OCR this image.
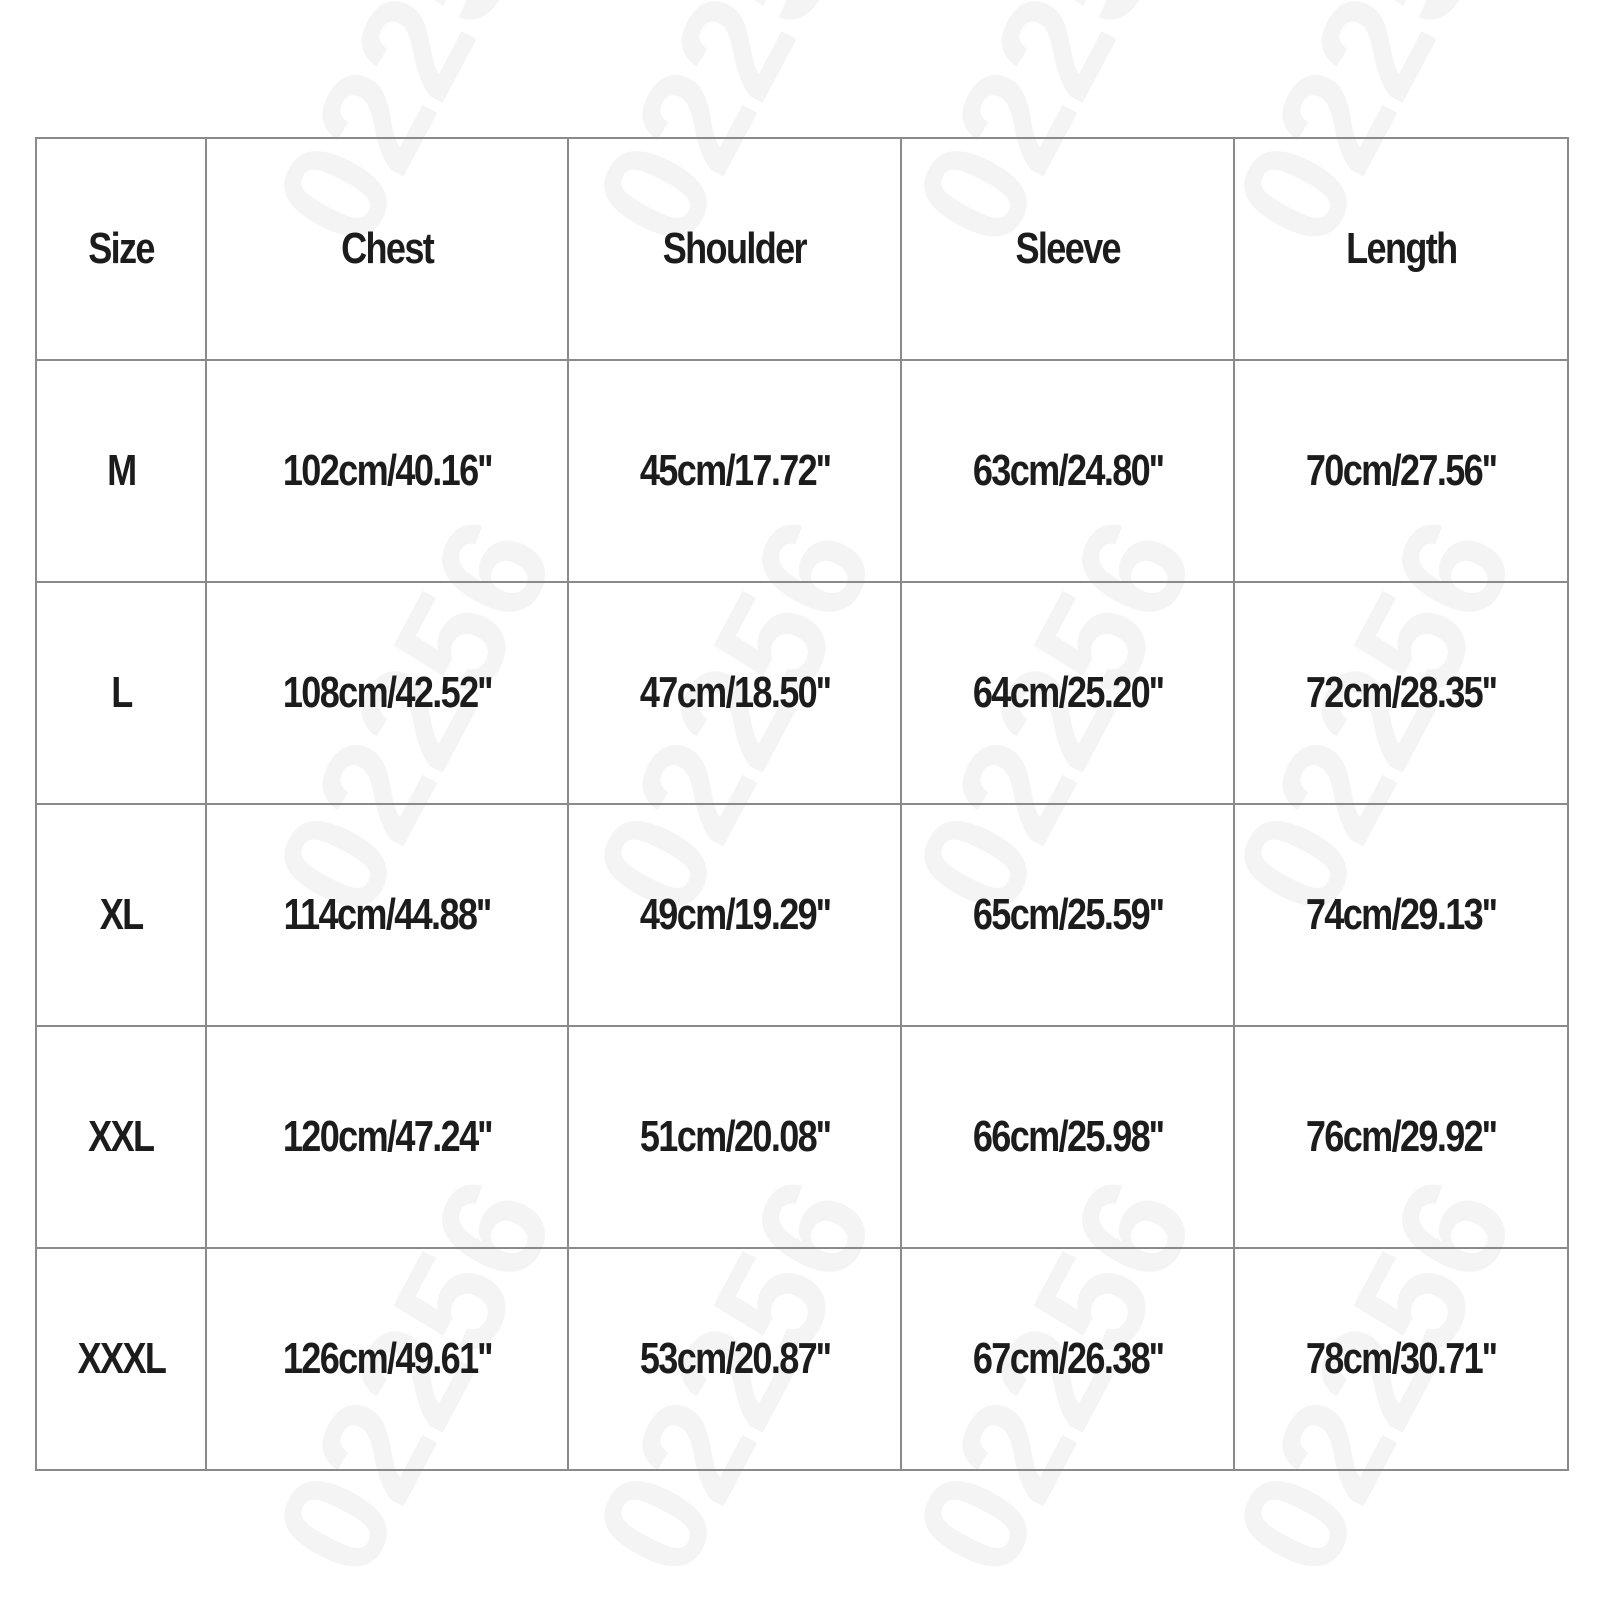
Size	Chest	Shoulder	Sleeve	Length
M	102cm/40.16''	45cm/17.72''	63cm/24.80''	70cm/27.56''
L	108cm/42.52''	47cm/18.50''	64cm/25.20''	72cm/28.35''
XL	114cm/44.88''	49cm/19.29''	65cm/25.59''	74cm/29.13''
XXL	120cm/47.24''	51cm/20.08''	66cm/25.98''	76cm/29.92''
XXXL	126cm/49.61''	53cm/20.87''	67cm/26.38''	78cm/30.71''
